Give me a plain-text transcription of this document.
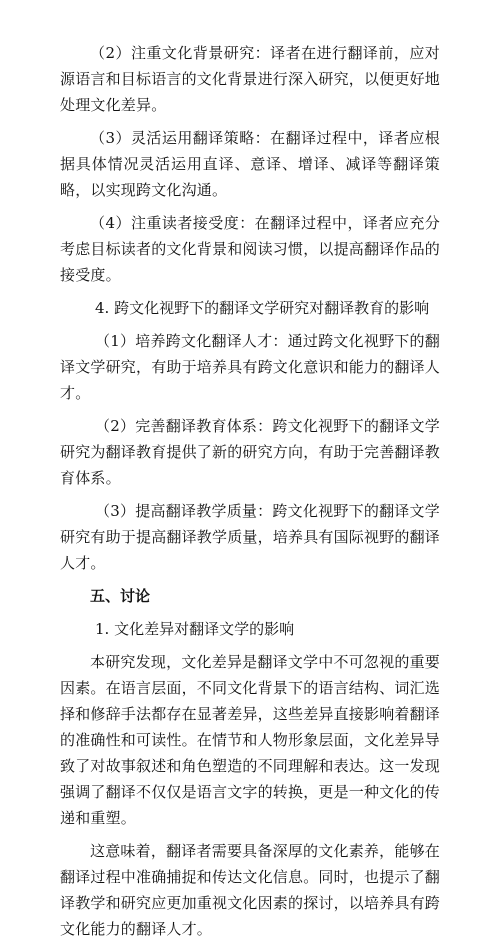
（2）注重文化背景研究：译者在进行翻译前，应对源语言和目标语言的文化背景进行深入研究，以便更好地处理文化差异。

（3）灵活运用翻译策略：在翻译过程中，译者应根据具体情况灵活运用直译、意译、增译、减译等翻译策略，以实现跨文化沟通。

（4）注重读者接受度：在翻译过程中，译者应充分考虑目标读者的文化背景和阅读习惯，以提高翻译作品的接受度。

4. 跨文化视野下的翻译文学研究对翻译教育的影响

（1）培养跨文化翻译人才：通过跨文化视野下的翻译文学研究，有助于培养具有跨文化意识和能力的翻译人才。

（2）完善翻译教育体系：跨文化视野下的翻译文学研究为翻译教育提供了新的研究方向，有助于完善翻译教育体系。

（3）提高翻译教学质量：跨文化视野下的翻译文学研究有助于提高翻译教学质量，培养具有国际视野的翻译人才。

五、讨论

1. 文化差异对翻译文学的影响

本研究发现，文化差异是翻译文学中不可忽视的重要因素。在语言层面，不同文化背景下的语言结构、词汇选择和修辞手法都存在显著差异，这些差异直接影响着翻译的准确性和可读性。在情节和人物形象层面，文化差异导致了对故事叙述和角色塑造的不同理解和表达。这一发现强调了翻译不仅仅是语言文字的转换，更是一种文化的传递和重塑。

这意味着，翻译者需要具备深厚的文化素养，能够在翻译过程中准确捕捉和传达文化信息。同时，也提示了翻译教学和研究应更加重视文化因素的探讨，以培养具有跨文化能力的翻译人才。
